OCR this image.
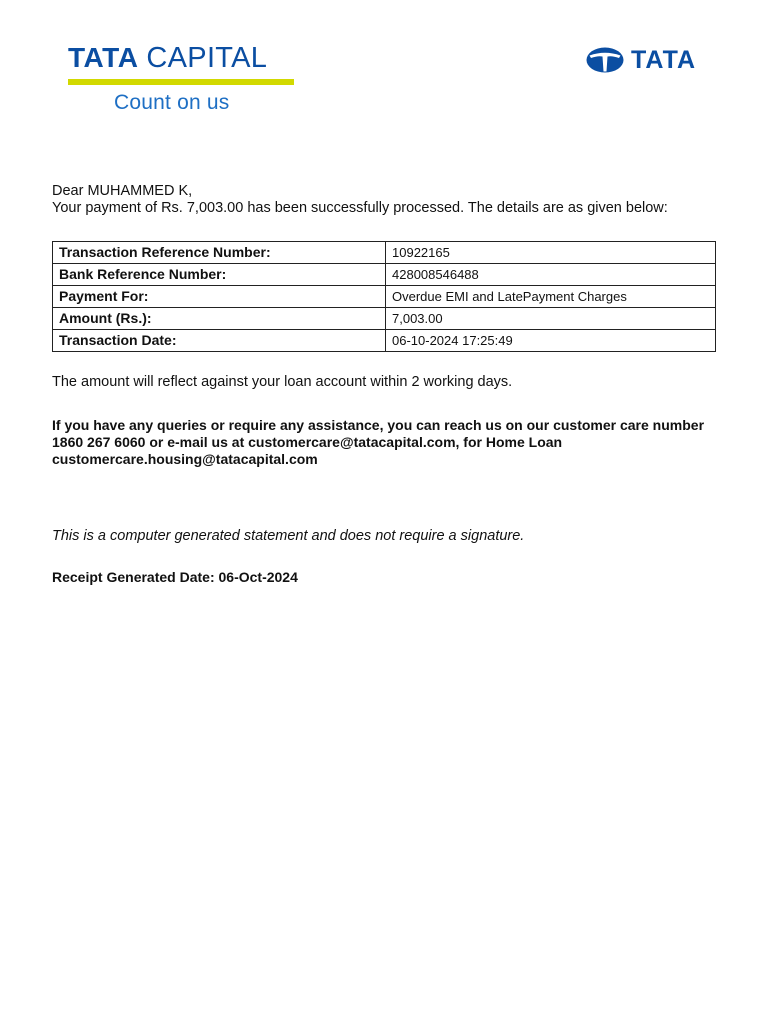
TATA CAPITAL
Count on us
TATA

Dear MUHAMMED K,

Your payment of Rs. 7,003.00 has been successfully processed. The details are as given below:

Transaction Reference Number:	10922165
Bank Reference Number:	428008546488
Payment For:	Overdue EMI and LatePayment Charges
Amount (Rs.):	7,003.00
Transaction Date:	06-10-2024 17:25:49

The amount will reflect against your loan account within 2 working days.

If you have any queries or require any assistance, you can reach us on our customer care number 1860 267 6060 or e-mail us at customercare@tatacapital.com, for Home Loan customercare.housing@tatacapital.com

This is a computer generated statement and does not require a signature.

Receipt Generated Date: 06-Oct-2024
